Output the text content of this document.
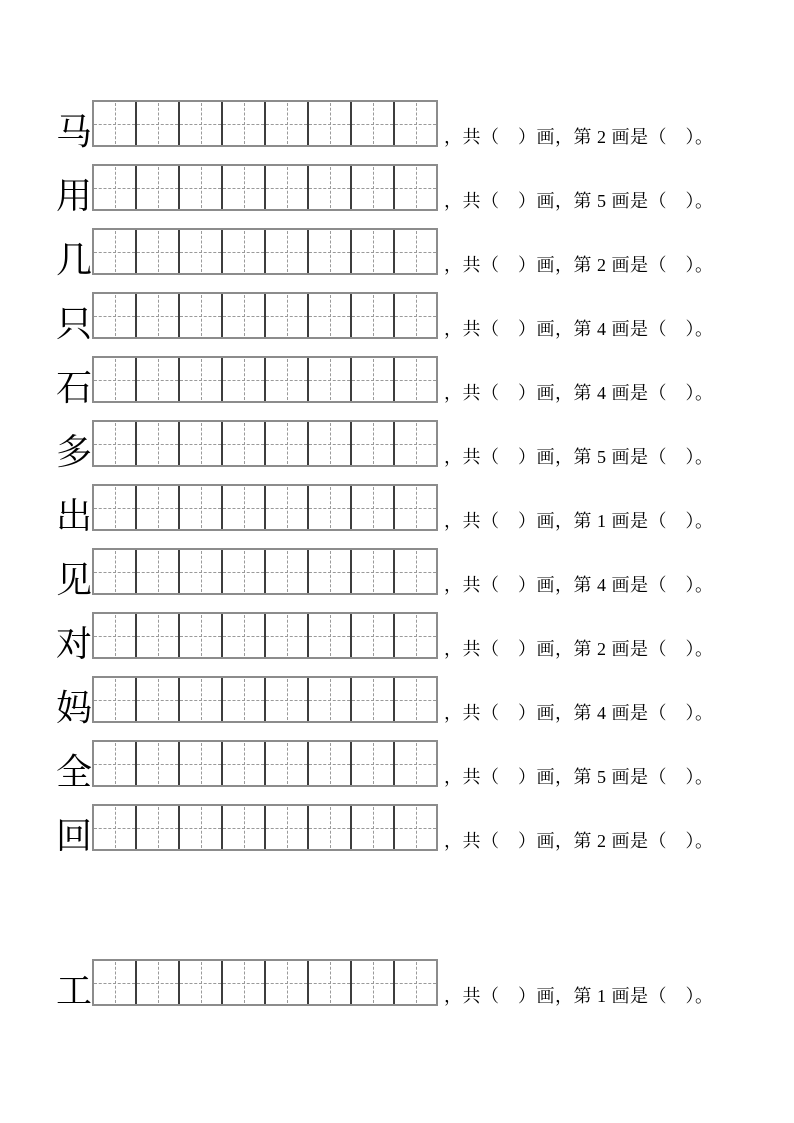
马	，共（　）画，第 2 画是（　）。
用	，共（　）画，第 5 画是（　）。
几	，共（　）画，第 2 画是（　）。
只	，共（　）画，第 4 画是（　）。
石	，共（　）画，第 4 画是（　）。
多	，共（　）画，第 5 画是（　）。
出	，共（　）画，第 1 画是（　）。
见	，共（　）画，第 4 画是（　）。
对	，共（　）画，第 2 画是（　）。
妈	，共（　）画，第 4 画是（　）。
全	，共（　）画，第 5 画是（　）。
回	，共（　）画，第 2 画是（　）。
工	，共（　）画，第 1 画是（　）。
